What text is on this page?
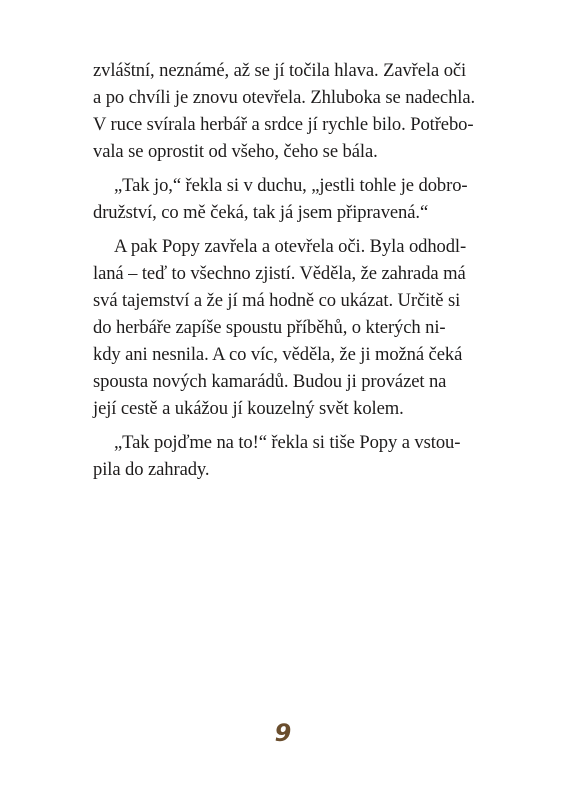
zvláštní, neznámé, až se jí točila hlava. Zavřela oči
a po chvíli je znovu otevřela. Zhluboka se nadechla.
V ruce svírala herbář a srdce jí rychle bilo. Potřebo-
vala se oprostit od všeho, čeho se bála.
„Tak jo,“ řekla si v duchu, „jestli tohle je dobro-
družství, co mě čeká, tak já jsem připravená.“
A pak Popy zavřela a otevřela oči. Byla odhodl-
laná – teď to všechno zjistí. Věděla, že zahrada má
svá tajemství a že jí má hodně co ukázat. Určitě si
do herbáře zapíše spoustu příběhů, o kterých ni-
kdy ani nesnila. A co víc, věděla, že ji možná čeká
spousta nových kamarádů. Budou ji provázet na
její cestě a ukážou jí kouzelný svět kolem.
„Tak pojďme na to!“ řekla si tiše Popy a vstou-
pila do zahrady.
9
